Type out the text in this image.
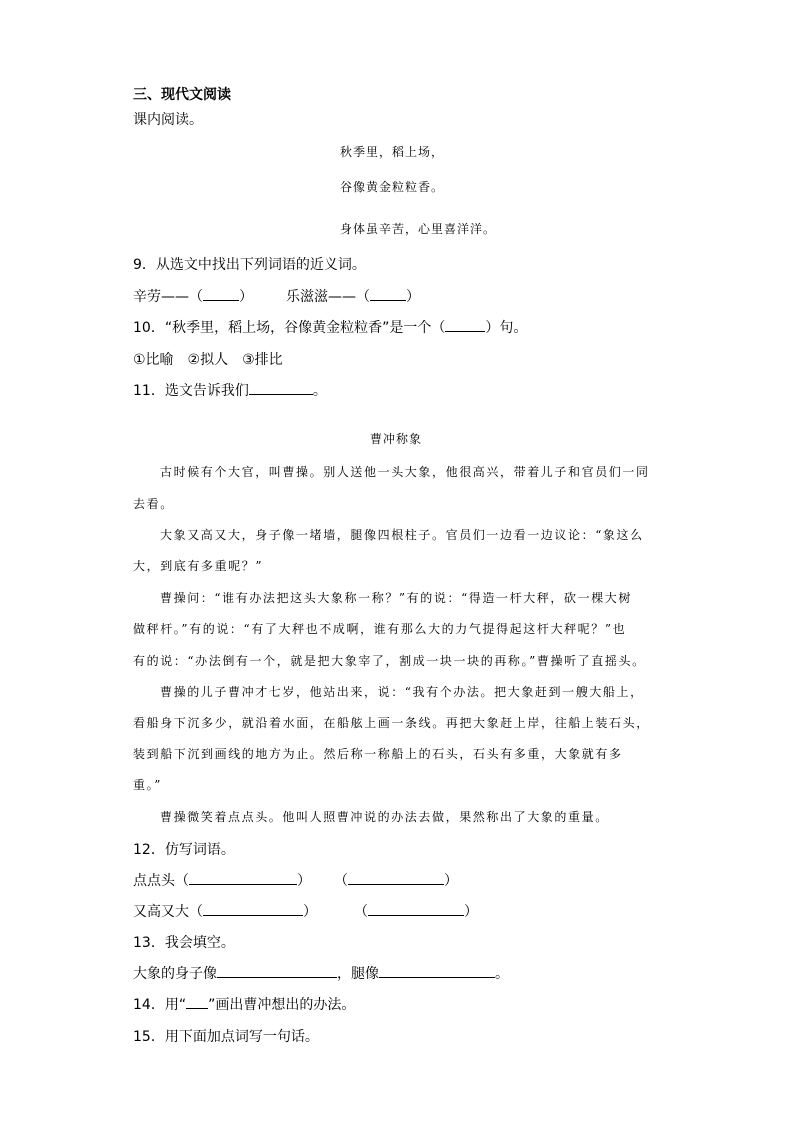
三、现代文阅读
课内阅读。
秋季里，稻上场，
谷像黄金粒粒香。
身体虽辛苦，心里喜洋洋。
9．从选文中找出下列词语的近义词。
辛劳——（	） 乐滋滋——（	）
10．“秋季里，稻上场，谷像黄金粒粒香”是一个（	）句。
①比喻　②拟人　③排比
11．选文告诉我们	。
曹冲称象
古时候有个大官，叫曹操。别人送他一头大象，他很高兴，带着儿子和官员们一同
去看。
大象又高又大，身子像一堵墙，腿像四根柱子。官员们一边看一边议论：“象这么
大，到底有多重呢？”
曹操问：“谁有办法把这头大象称一称？”有的说：“得造一杆大秤，砍一棵大树
做秤杆。”有的说：“有了大秤也不成啊，谁有那么大的力气提得起这杆大秤呢？”也
有的说：“办法倒有一个，就是把大象宰了，割成一块一块的再称。”曹操听了直摇头。
曹操的儿子曹冲才七岁，他站出来，说：“我有个办法。把大象赶到一艘大船上，
看船身下沉多少，就沿着水面，在船舷上画一条线。再把大象赶上岸，往船上装石头，
装到船下沉到画线的地方为止。然后称一称船上的石头，石头有多重，大象就有多
重。”
曹操微笑着点点头。他叫人照曹冲说的办法去做，果然称出了大象的重量。
12．仿写词语。
点点头（	） （	）
又高又大（	）	（	）
13．我会填空。
大象的身子像	，腿像	。
14．用“ ”画出曹冲想出的办法。
15．用下面加点词写一句话。
